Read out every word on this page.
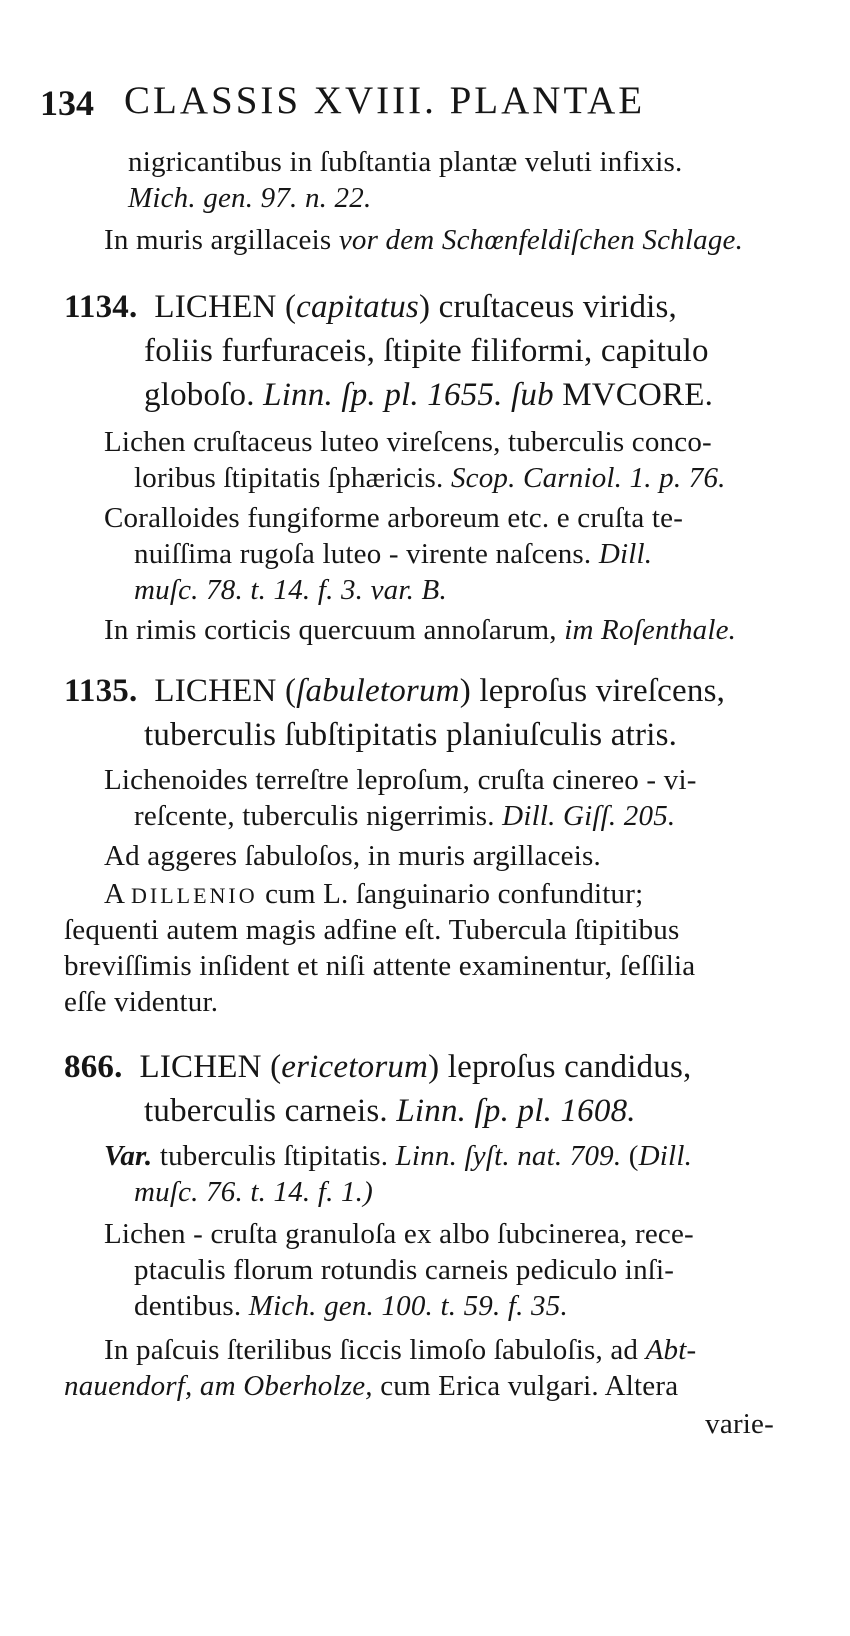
134 CLASSIS XVIII. PLANTAE
nigricantibus in ſubſtantia plantæ veluti infixis.
Mich. gen. 97. n. 22.
In muris argillaceis vor dem Schœnfeldiſchen Schlage.
1134. LICHEN (capitatus) cruſtaceus viridis,
foliis furfuraceis, ſtipite filiformi, capitulo
globoſo. Linn. ſp. pl. 1655. ſub MVCORE.
Lichen cruſtaceus luteo vireſcens, tuberculis conco-
loribus ſtipitatis ſphæricis. Scop. Carniol. 1. p. 76.
Coralloides fungiforme arboreum etc. e cruſta te-
nuiſſima rugoſa luteo - virente naſcens. Dill.
muſc. 78. t. 14. f. 3. var. B.
In rimis corticis quercuum annoſarum, im Roſenthale.
1135. LICHEN (ſabuletorum) leproſus vireſcens,
tuberculis ſubſtipitatis planiuſculis atris.
Lichenoides terreſtre leproſum, cruſta cinereo - vi-
reſcente, tuberculis nigerrimis. Dill. Giſſ. 205.
Ad aggeres ſabuloſos, in muris argillaceis.
A DILLENIO cum L. ſanguinario confunditur;
ſequenti autem magis adfine eſt. Tubercula ſtipitibus
breviſſimis inſident et niſi attente examinentur, ſeſſilia
eſſe videntur.
866. LICHEN (ericetorum) leproſus candidus,
tuberculis carneis. Linn. ſp. pl. 1608.
Var. tuberculis ſtipitatis. Linn. ſyſt. nat. 709. (Dill.
muſc. 76. t. 14. f. 1.)
Lichen - cruſta granuloſa ex albo ſubcinerea, rece-
ptaculis florum rotundis carneis pediculo inſi-
dentibus. Mich. gen. 100. t. 59. f. 35.
In paſcuis ſterilibus ſiccis limoſo ſabuloſis, ad Abt-
nauendorf, am Oberholze, cum Erica vulgari. Altera
varie-
